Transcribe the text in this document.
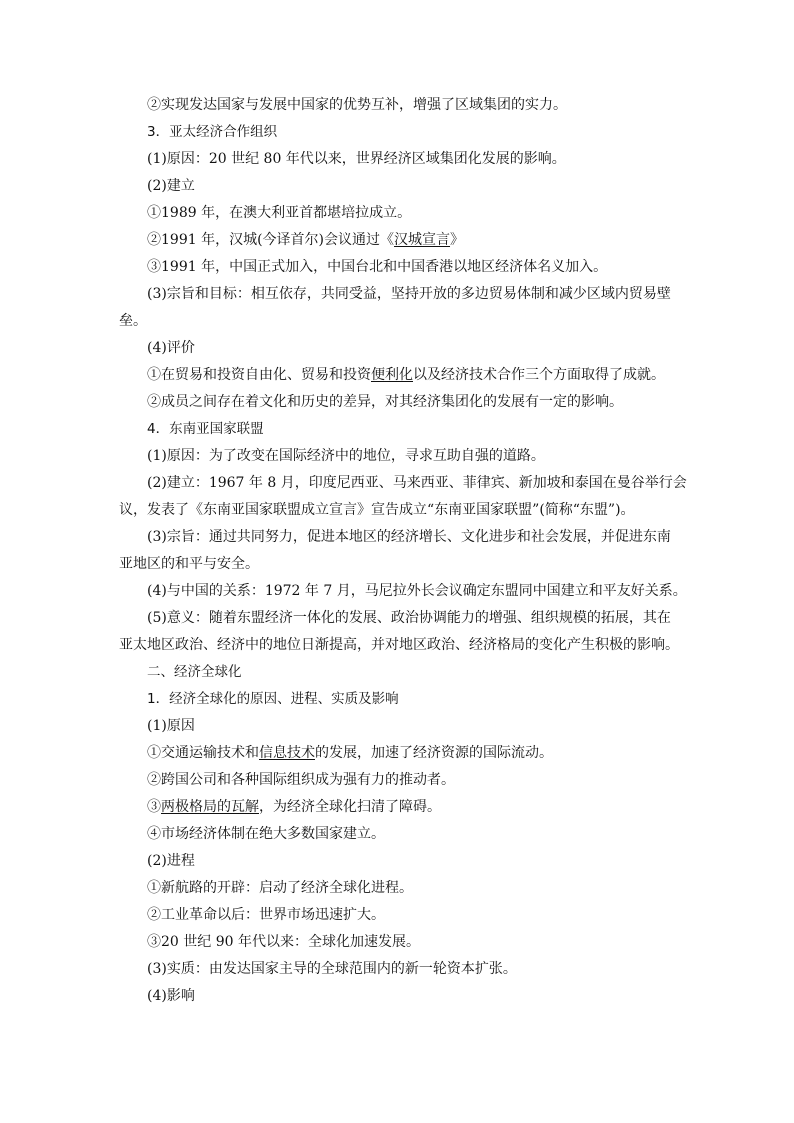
②实现发达国家与发展中国家的优势互补，增强了区域集团的实力。
3．亚太经济合作组织
(1)原因：20 世纪 80 年代以来，世界经济区域集团化发展的影响。
(2)建立
①1989 年，在澳大利亚首都堪培拉成立。
②1991 年，汉城(今译首尔)会议通过《汉城宣言》
③1991 年，中国正式加入，中国台北和中国香港以地区经济体名义加入。
(3)宗旨和目标：相互依存，共同受益，坚持开放的多边贸易体制和减少区域内贸易壁
垒。
(4)评价
①在贸易和投资自由化、贸易和投资便利化以及经济技术合作三个方面取得了成就。
②成员之间存在着文化和历史的差异，对其经济集团化的发展有一定的影响。
4．东南亚国家联盟
(1)原因：为了改变在国际经济中的地位，寻求互助自强的道路。
(2)建立：1967 年 8 月，印度尼西亚、马来西亚、菲律宾、新加坡和泰国在曼谷举行会
议，发表了《东南亚国家联盟成立宣言》宣告成立“东南亚国家联盟”(简称“东盟”)。
(3)宗旨：通过共同努力，促进本地区的经济增长、文化进步和社会发展，并促进东南
亚地区的和平与安全。
(4)与中国的关系：1972 年 7 月，马尼拉外长会议确定东盟同中国建立和平友好关系。
(5)意义：随着东盟经济一体化的发展、政治协调能力的增强、组织规模的拓展，其在
亚太地区政治、经济中的地位日渐提高，并对地区政治、经济格局的变化产生积极的影响。
二、经济全球化
1．经济全球化的原因、进程、实质及影响
(1)原因
①交通运输技术和信息技术的发展，加速了经济资源的国际流动。
②跨国公司和各种国际组织成为强有力的推动者。
③两极格局的瓦解，为经济全球化扫清了障碍。
④市场经济体制在绝大多数国家建立。
(2)进程
①新航路的开辟：启动了经济全球化进程。
②工业革命以后：世界市场迅速扩大。
③20 世纪 90 年代以来：全球化加速发展。
(3)实质：由发达国家主导的全球范围内的新一轮资本扩张。
(4)影响
